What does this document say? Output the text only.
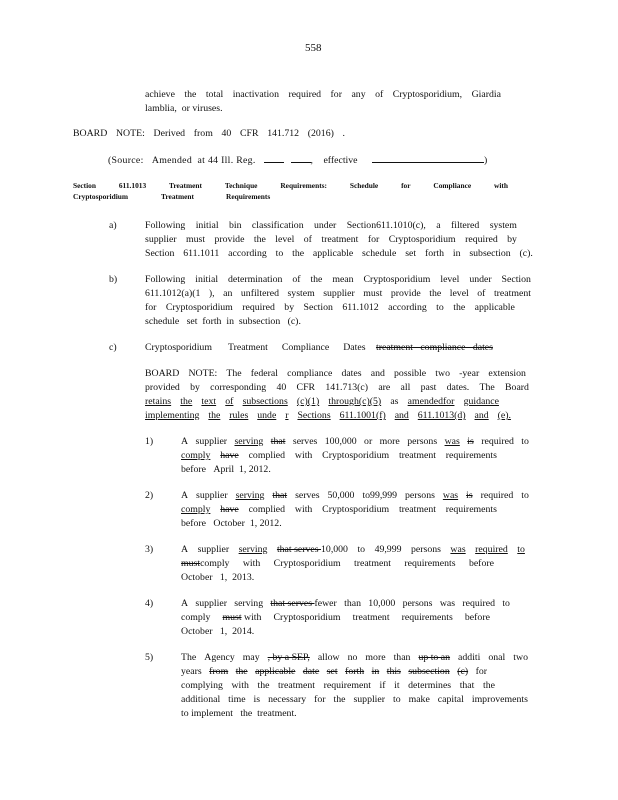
558
achieve the total inactivation required for any of Cryptosporidium, Giardia
lamblia,  or viruses.
BOARD NOTE: Derived from 40 CFR 141.712 (2016) .
(Source:   Amended  at 44 Ill. Reg.	, effective	)
Section	611.1013	Treatment	Technique	Requirements:	Schedule	for	Compliance	with
Cryptosporidium	Treatment	Requirements
a)	Following initial bin classification under Section611.1010(c), a filtered system
supplier must provide the level of treatment for Cryptosporidium required by
Section 611.1011 according to the applicable schedule set forth in subsection (c).
b)	Following initial determination of the mean Cryptosporidium level under Section
611.1012(a)(1 ), an unfiltered system supplier must provide the level of treatment
for Cryptosporidium required by Section 611.1012 according to the applicable
schedule   set  forth  in  subsection   (c).
c)	Cryptosporidium Treatment Compliance Dates treatment   compliance   dates
BOARD NOTE: The federal compliance dates and possible two -year extension
provided by corresponding 40 CFR 141.713(c) are all past dates. The Board
retains the text of subsections (c)(1) through(c)(5) as amendedfor guidance
implementing the rules unde r Sections 611.1001(f) and 611.1013(d) and (e).
1)	A supplier serving that serves 100,000 or more persons was is required to
comply have complied with Cryptosporidium treatment requirements
before   April  1, 2012.
2)	A supplier serving that serves 50,000 to99,999 persons was is required to
comply have complied with Cryptosporidium treatment requirements
before   October  1, 2012.
3)	A supplier serving that serves 10,000 to 49,999 persons was required to
mustcomply with Cryptosporidium treatment requirements before
October   1,  2013.
4)	A supplier serving that serves fewer than 10,000 persons was required to
comply must with Cryptosporidium treatment requirements before
October   1,  2014.
5)	The Agency may , by a SEP, allow no more than up to an additi onal two
years from the applicable date set forth in this subsection (c) for
complying with the treatment requirement if it determines that the
additional time is necessary for the supplier to make capital improvements
to implement   the  treatment.
